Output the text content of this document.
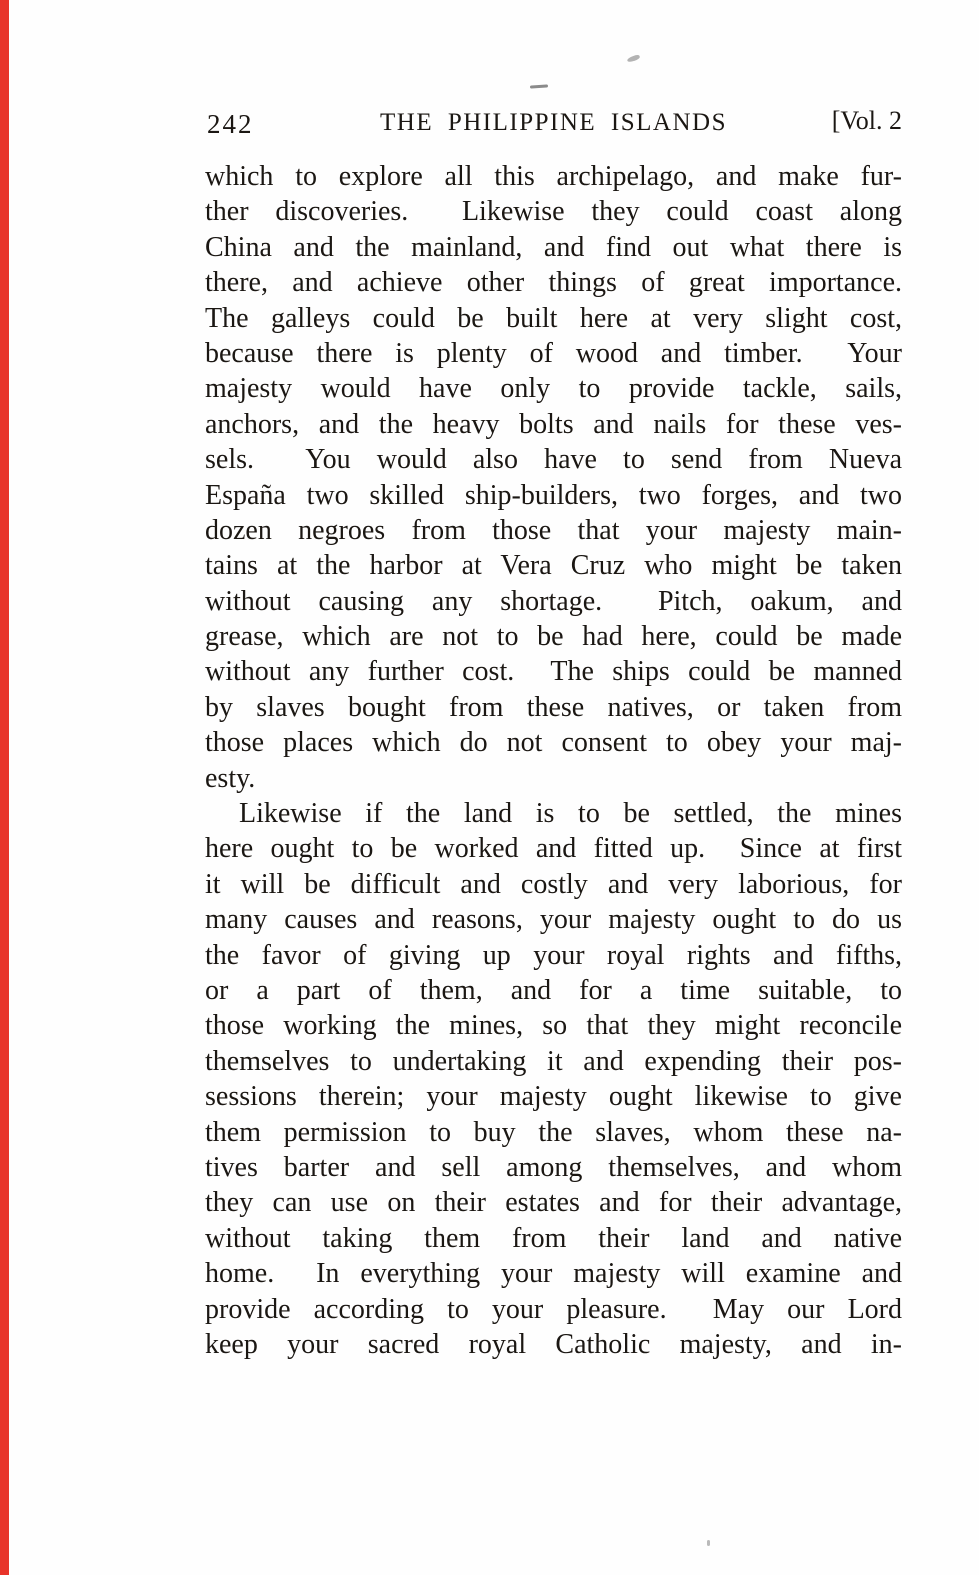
242	THE PHILIPPINE ISLANDS	[Vol. 2
which to explore all this archipelago, and make fur-
ther discoveries.  Likewise they could coast along
China and the mainland, and find out what there is
there, and achieve other things of great importance.
The galleys could be built here at very slight cost,
because there is plenty of wood and timber.  Your
majesty would have only to provide tackle, sails,
anchors, and the heavy bolts and nails for these ves-
sels.  You would also have to send from Nueva
España two skilled ship-builders, two forges, and two
dozen negroes from those that your majesty main-
tains at the harbor at Vera Cruz who might be taken
without causing any shortage.  Pitch, oakum, and
grease, which are not to be had here, could be made
without any further cost.  The ships could be manned
by slaves bought from these natives, or taken from
those places which do not consent to obey your maj-
esty.
Likewise if the land is to be settled, the mines
here ought to be worked and fitted up.  Since at first
it will be difficult and costly and very laborious, for
many causes and reasons, your majesty ought to do us
the favor of giving up your royal rights and fifths,
or a part of them, and for a time suitable, to
those working the mines, so that they might reconcile
themselves to undertaking it and expending their pos-
sessions therein; your majesty ought likewise to give
them permission to buy the slaves, whom these na-
tives barter and sell among themselves, and whom
they can use on their estates and for their advantage,
without taking them from their land and native
home.  In everything your majesty will examine and
provide according to your pleasure.  May our Lord
keep your sacred royal Catholic majesty, and in-
